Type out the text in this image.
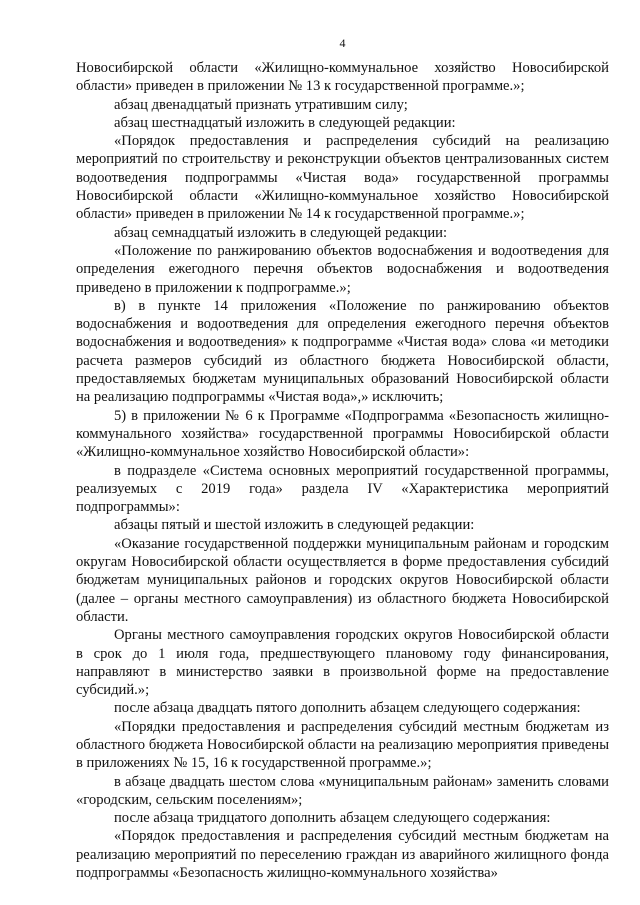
4

Новосибирской области «Жилищно-коммунальное хозяйство Новосибирской области» приведен в приложении № 13 к государственной программе.»;

абзац двенадцатый признать утратившим силу;

абзац шестнадцатый изложить в следующей редакции:

«Порядок предоставления и распределения субсидий на реализацию мероприятий по строительству и реконструкции объектов централизованных систем водоотведения подпрограммы «Чистая вода» государственной программы Новосибирской области «Жилищно-коммунальное хозяйство Новосибирской области» приведен в приложении № 14 к государственной программе.»;

абзац семнадцатый изложить в следующей редакции:

«Положение по ранжированию объектов водоснабжения и водоотведения для определения ежегодного перечня объектов водоснабжения и водоотведения приведено в приложении к подпрограмме.»;

в) в пункте 14 приложения «Положение по ранжированию объектов водоснабжения и водоотведения для определения ежегодного перечня объектов водоснабжения и водоотведения» к подпрограмме «Чистая вода» слова «и методики расчета размеров субсидий из областного бюджета Новосибирской области, предоставляемых бюджетам муниципальных образований Новосибирской области на реализацию подпрограммы «Чистая вода»,» исключить;

5) в приложении № 6 к Программе «Подпрограмма «Безопасность жилищно-коммунального хозяйства» государственной программы Новосибирской области «Жилищно-коммунальное хозяйство Новосибирской области»:

в подразделе «Система основных мероприятий государственной программы, реализуемых с 2019 года» раздела IV «Характеристика мероприятий подпрограммы»:

абзацы пятый и шестой изложить в следующей редакции:

«Оказание государственной поддержки муниципальным районам и городским округам Новосибирской области осуществляется в форме предоставления субсидий бюджетам муниципальных районов и городских округов Новосибирской области (далее – органы местного самоуправления) из областного бюджета Новосибирской области.

Органы местного самоуправления городских округов Новосибирской области в срок до 1 июля года, предшествующего плановому году финансирования, направляют в министерство заявки в произвольной форме на предоставление субсидий.»;

после абзаца двадцать пятого дополнить абзацем следующего содержания:

«Порядки предоставления и распределения субсидий местным бюджетам из областного бюджета Новосибирской области на реализацию мероприятия приведены в приложениях № 15, 16 к государственной программе.»;

в абзаце двадцать шестом слова «муниципальным районам» заменить словами «городским, сельским поселениям»;

после абзаца тридцатого дополнить абзацем следующего содержания:

«Порядок предоставления и распределения субсидий местным бюджетам на реализацию мероприятий по переселению граждан из аварийного жилищного фонда подпрограммы «Безопасность жилищно-коммунального хозяйства»
